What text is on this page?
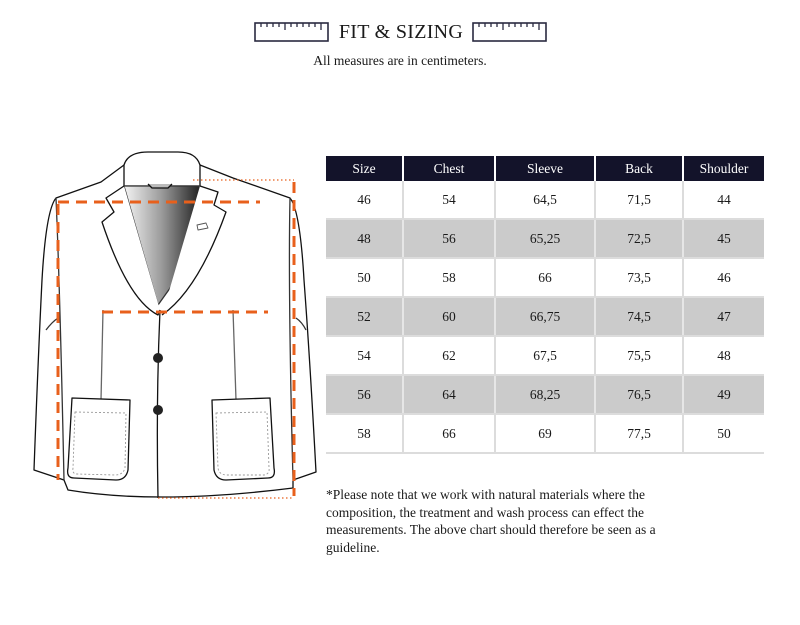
FIT & SIZING
All measures are in centimeters.
Size	Chest	Sleeve	Back	Shoulder
46	54	64,5	71,5	44
48	56	65,25	72,5	45
50	58	66	73,5	46
52	60	66,75	74,5	47
54	62	67,5	75,5	48
56	64	68,25	76,5	49
58	66	69	77,5	50
*Please note that we work with natural materials where the composition, the treatment and wash process can effect the measurements. The above chart should therefore be seen as a guideline.
